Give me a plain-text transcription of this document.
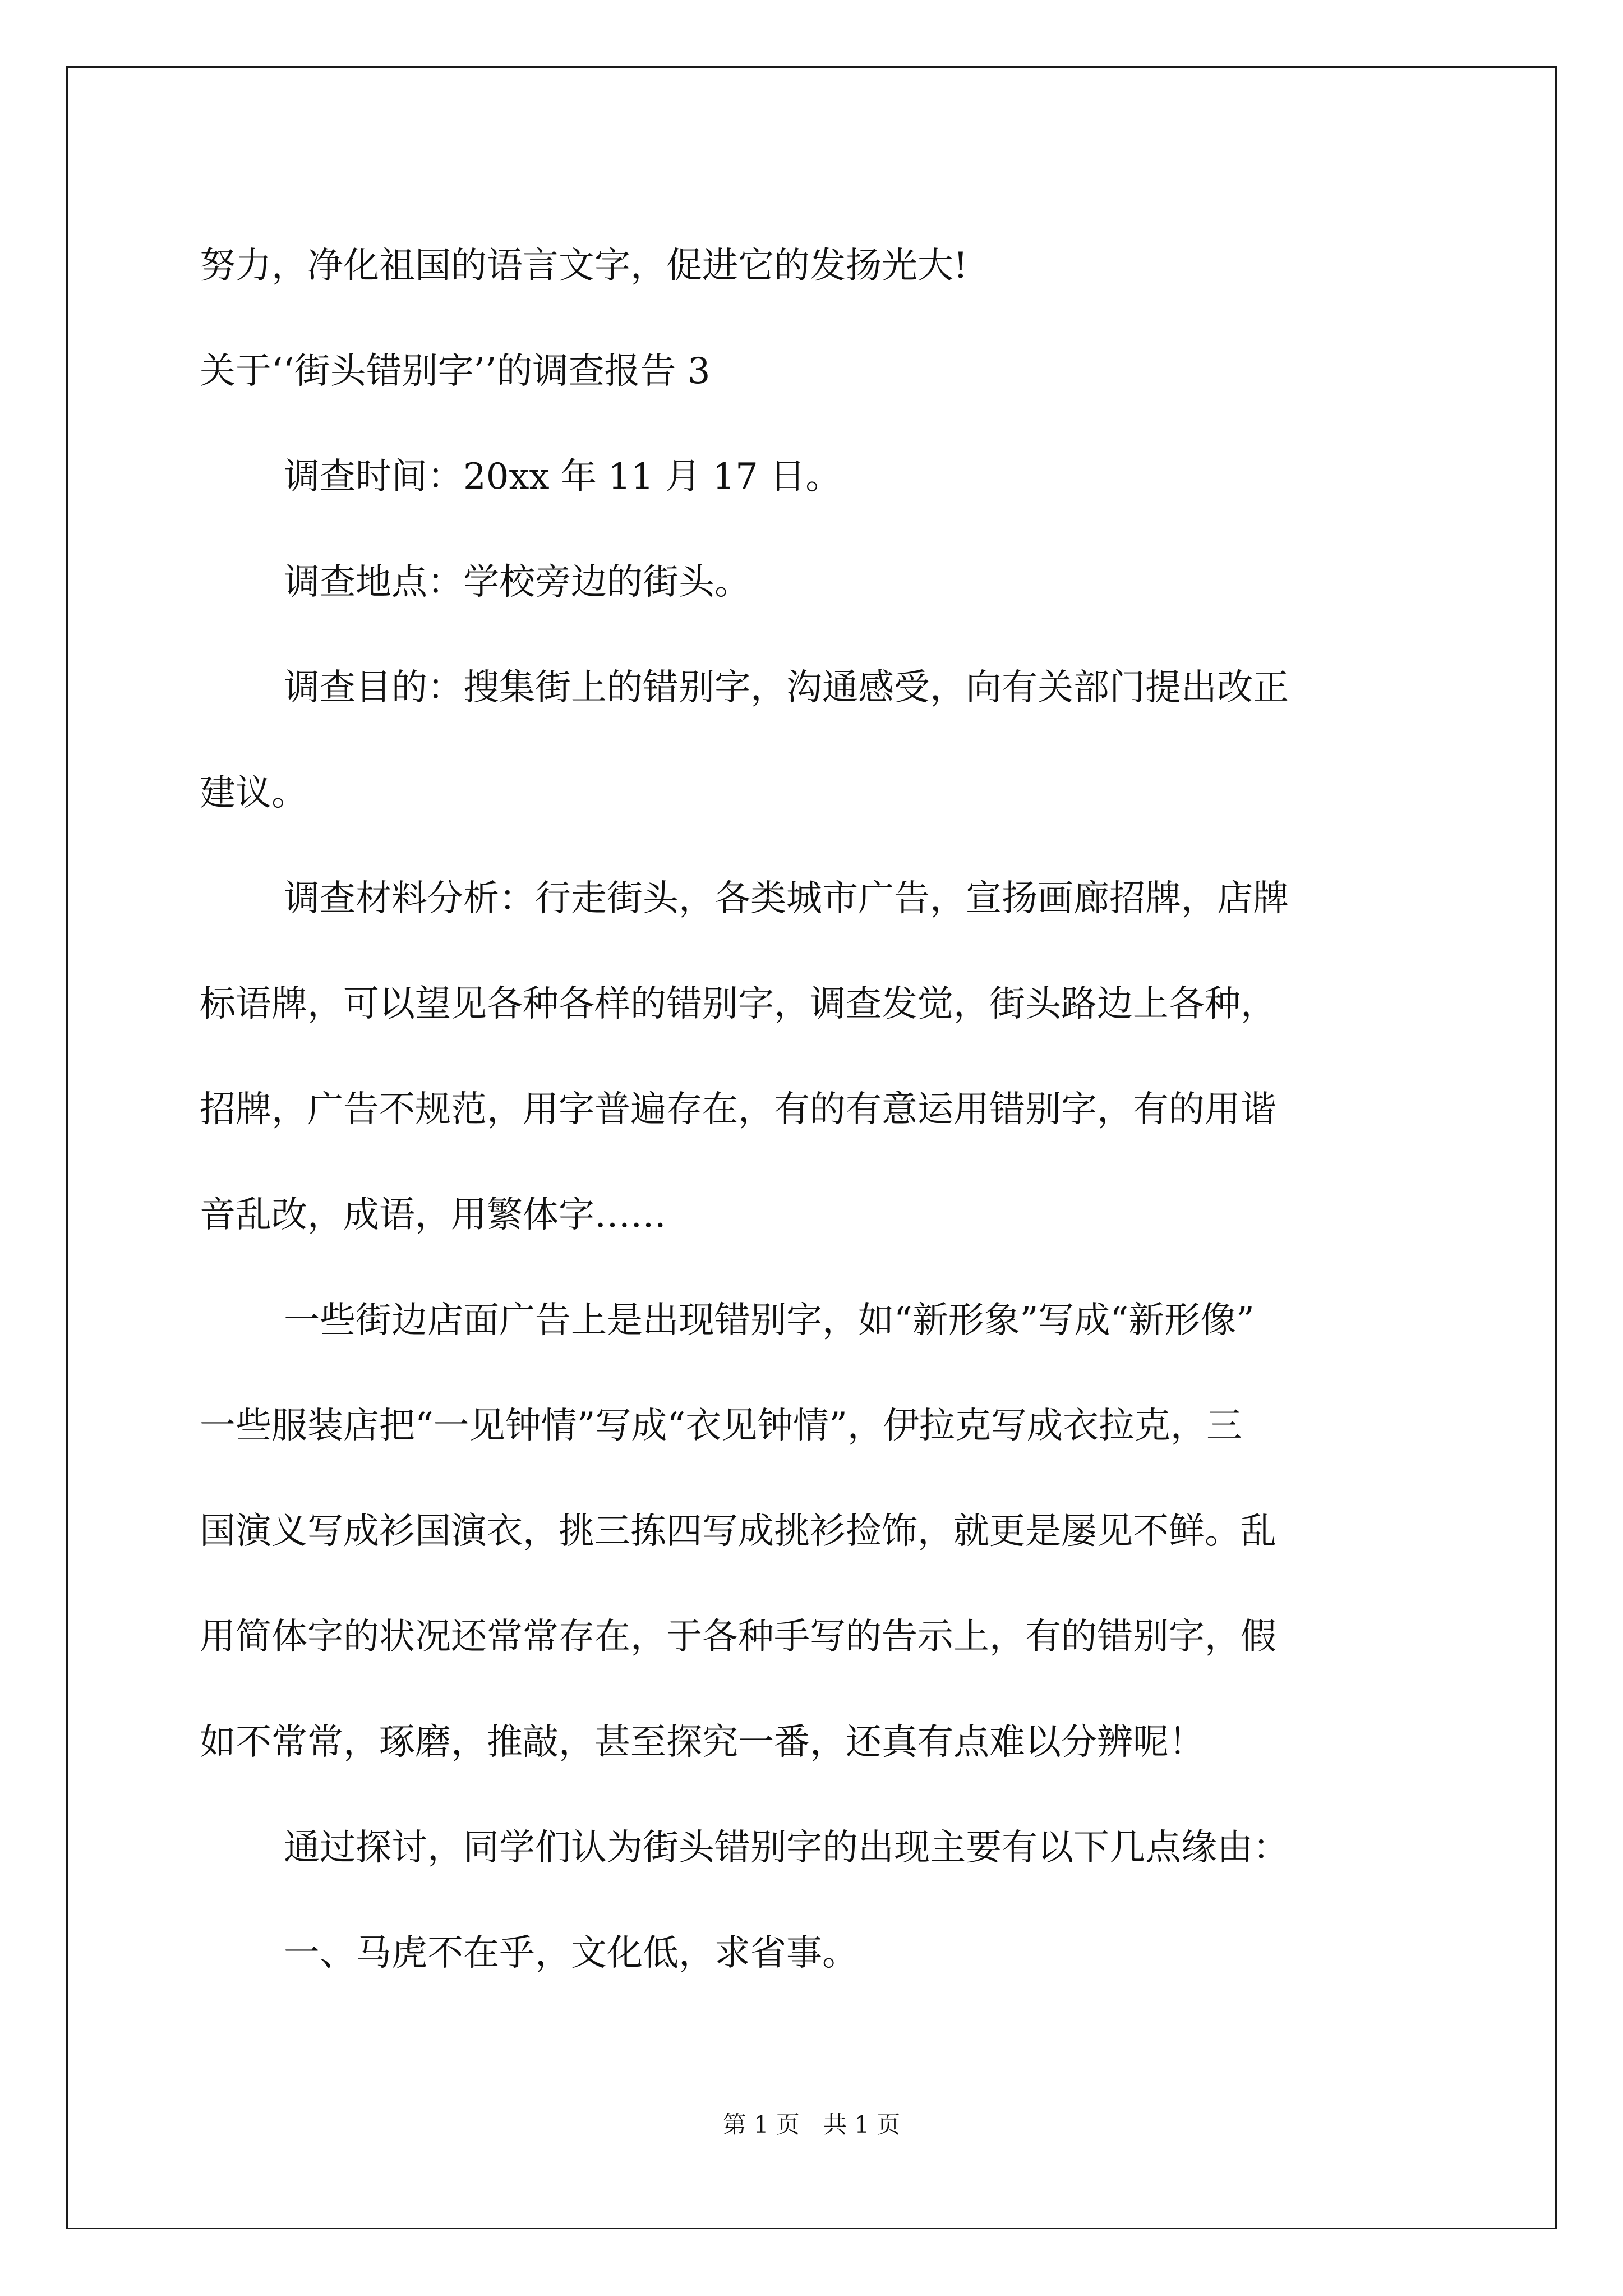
努力，净化祖国的语言文字，促进它的发扬光大!
关于‘‘街头错别字’’的调查报告 3
调查时间：20xx 年 11 月 17 日。
调查地点：学校旁边的街头。
调查目的：搜集街上的错别字，沟通感受，向有关部门提出改正
建议。
调查材料分析：行走街头，各类城市广告，宣扬画廊招牌，店牌
标语牌，可以望见各种各样的错别字，调查发觉，街头路边上各种，
招牌，广告不规范，用字普遍存在，有的有意运用错别字，有的用谐
音乱改，成语，用繁体字……
一些街边店面广告上是出现错别字，如“新形象”写成“新形像”
一些服装店把“一见钟情”写成“衣见钟情”，伊拉克写成衣拉克，三
国演义写成衫国演衣，挑三拣四写成挑衫捡饰，就更是屡见不鲜。乱
用简体字的状况还常常存在，于各种手写的告示上，有的错别字，假
如不常常，琢磨，推敲，甚至探究一番，还真有点难以分辨呢！
通过探讨，同学们认为街头错别字的出现主要有以下几点缘由：
一、马虎不在乎，文化低，求省事。
第 1 页 共 1 页
